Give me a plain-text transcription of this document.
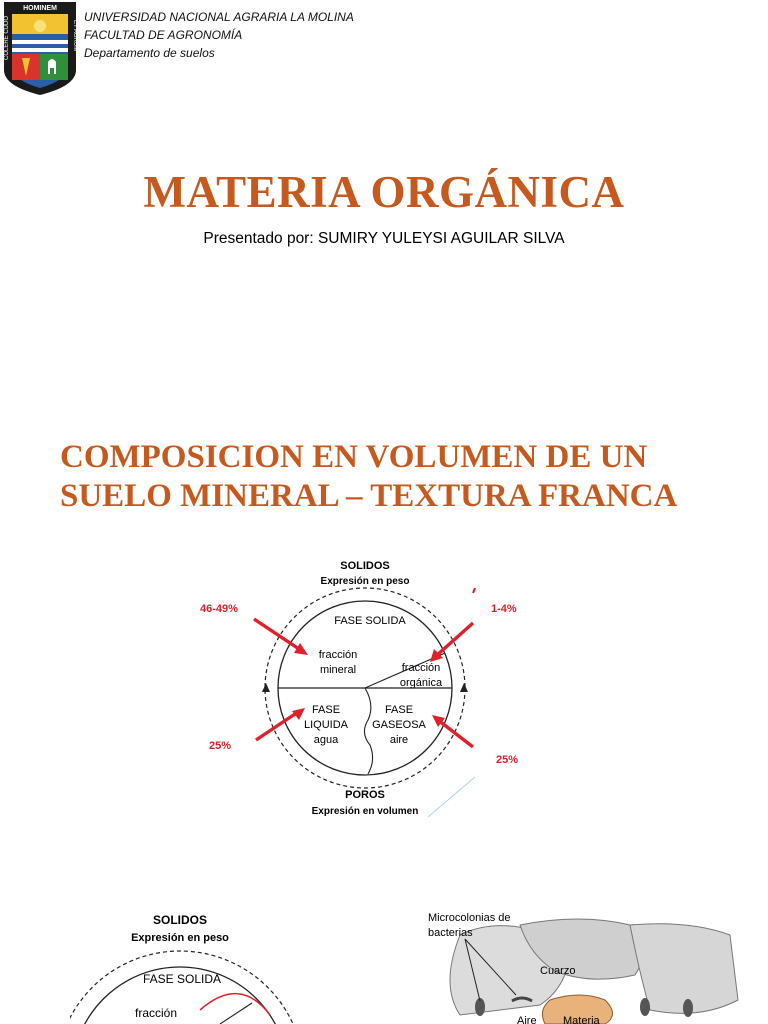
HOMINEM
COLERE CUDO	ET AGRUM
UNIVERSIDAD NACIONAL AGRARIA LA MOLINA
FACULTAD DE AGRONOMÍA
Departamento de suelos
MATERIA ORGÁNICA
Presentado por: SUMIRY YULEYSI AGUILAR SILVA
COMPOSICION EN VOLUMEN DE UN SUELO MINERAL – TEXTURA FRANCA
SOLIDOS
Expresión en peso
FASE SOLIDA
fracción
mineral	fracción
orgánica
FASE
LIQUIDA
agua
FASE
GASEOSA
aire
POROS
Expresión en volumen
46-49%	1-4%
25%
25%
SOLIDOS
Expresión en peso
FASE SOLIDA
fracción
Microcolonias de
bacterias
Cuarzo
Aire Materia
